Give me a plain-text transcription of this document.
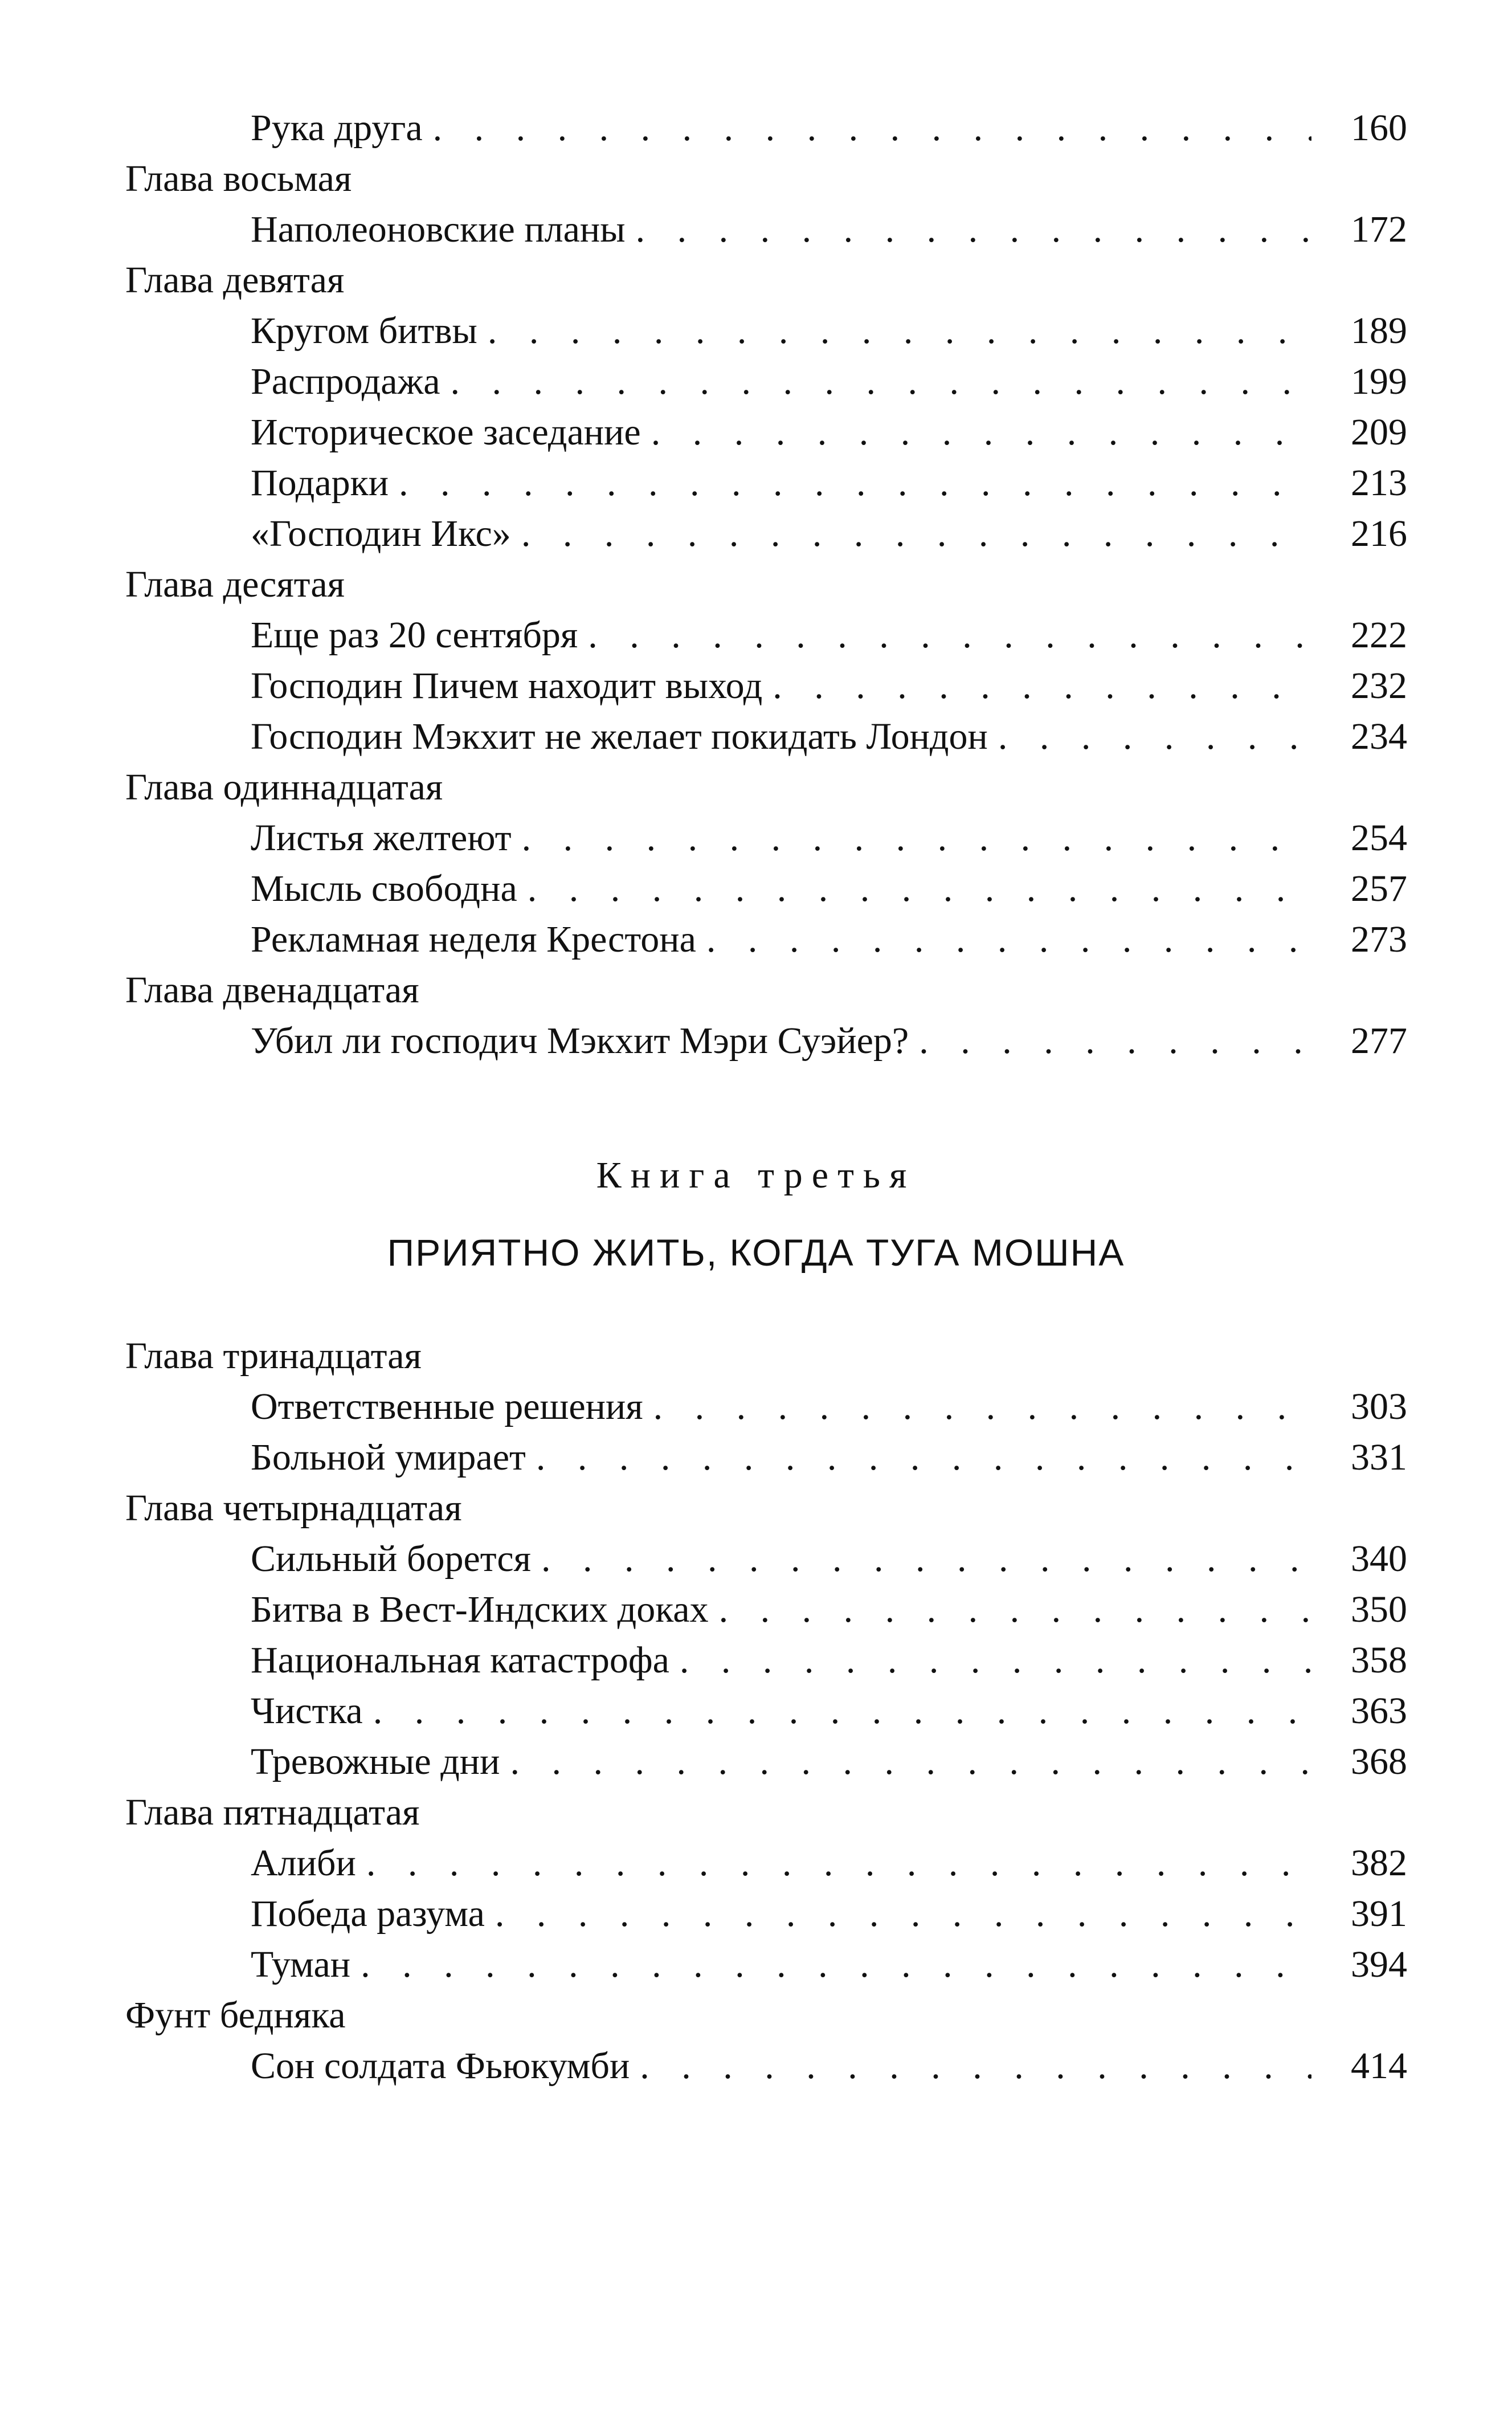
Рука друга . . .	160
Глава восьмая
Наполеоновские планы . . .	172
Глава девятая
Кругом битвы . . .	189
Распродажа . . .	199
Историческое заседание . . .	209
Подарки . . .	213
«Господин Икс» . . .	216
Глава десятая
Еще раз 20 сентября . . .	222
Господин Пичем находит выход . . .	232
Господин Мэкхит не желает покидать Лондон . . .	234
Глава одиннадцатая
Листья желтеют . . .	254
Мысль свободна . . .	257
Рекламная неделя Крестона . . .	273
Глава двенадцатая
Убил ли господич Мэкхит Мэри Суэйер? . . .	277
Книга третья
ПРИЯТНО ЖИТЬ, КОГДА ТУГА МОШНА
Глава тринадцатая
Ответственные решения . . .	303
Больной умирает . . .	331
Глава четырнадцатая
Сильный борется . . .	340
Битва в Вест-Индских доках . . .	350
Национальная катастрофа . . .	358
Чистка . . .	363
Тревожные дни . . .	368
Глава пятнадцатая
Алиби . . .	382
Победа разума . . .	391
Туман . . .	394
Фунт бедняка
Сон солдата Фьюкумби . . .	414
